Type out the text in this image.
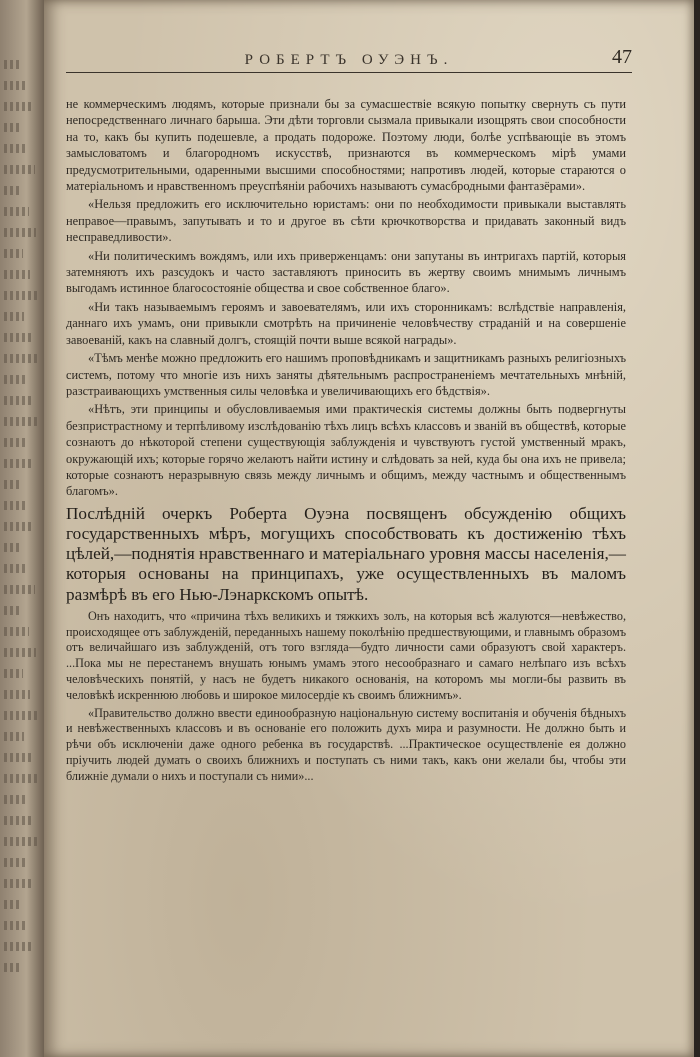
РОБЕРТЪ ОУЭНЪ.	47

не коммерческимъ людямъ, которые признали бы за сумасшествіе всякую попытку свернуть съ пути непосредственнаго личнаго барыша. Эти дѣти торговли сызмала привыкали изощрять свои способности на то, какъ бы купить подешевле, а продать подороже. Поэтому люди, болѣе успѣвающіе въ этомъ замысловатомъ и благородномъ искусствѣ, признаются въ коммерческомъ мірѣ умами предусмотрительными, одаренными высшими способностями; напротивъ людей, которые стараются о матеріальномъ и нравственномъ преуспѣяніи рабочихъ называютъ сумасбродными фантазёрами».

«Нельзя предложить его исключительно юристамъ: они по необходимости привыкали выставлять неправое—правымъ, запутывать и то и другое въ сѣти крючкотворства и придавать законный видъ несправедливости».

«Ни политическимъ вождямъ, или ихъ приверженцамъ: они запутаны въ интригахъ партій, которыя затемняютъ ихъ разсудокъ и часто заставляютъ приносить въ жертву своимъ мнимымъ личнымъ выгодамъ истинное благосостояніе общества и свое собственное благо».

«Ни такъ называемымъ героямъ и завоевателямъ, или ихъ сторонникамъ: вслѣдствіе направленія, даннаго ихъ умамъ, они привыкли смотрѣть на причиненіе человѣчеству страданій и на совершеніе завоеваній, какъ на славный долгъ, стоящій почти выше всякой награды».

«Тѣмъ менѣе можно предложить его нашимъ проповѣдникамъ и защитникамъ разныхъ религіозныхъ системъ, потому что многіе изъ нихъ заняты дѣятельнымъ распространеніемъ мечтательныхъ мнѣній, разстраивающихъ умственныя силы человѣка и увеличивающихъ его бѣдствія».

«Нѣтъ, эти принципы и обусловливаемыя ими практическія системы должны быть подвергнуты безпристрастному и терпѣливому изслѣдованію тѣхъ лицъ всѣхъ классовъ и званій въ обществѣ, которые сознаютъ до нѣкоторой степени существующія заблужденія и чувствуютъ густой умственный мракъ, окружающій ихъ; которые горячо желаютъ найти истину и слѣдовать за ней, куда бы она ихъ не привела; которые сознаютъ неразрывную связь между личнымъ и общимъ, между частнымъ и общественнымъ благомъ».

Послѣдній очеркъ Роберта Оуэна посвященъ обсужденію общихъ государственныхъ мѣръ, могущихъ способствовать къ достиженію тѣхъ цѣлей,—поднятія нравственнаго и матеріальнаго уровня массы населенія,—которыя основаны на принципахъ, уже осуществленныхъ въ маломъ размѣрѣ въ его Нью-Лэнаркскомъ опытѣ.

Онъ находитъ, что «причина тѣхъ великихъ и тяжкихъ золъ, на которыя всѣ жалуются—невѣжество, происходящее отъ заблужденій, переданныхъ нашему поколѣнію предшествующими, и главнымъ образомъ отъ величайшаго изъ заблужденій, отъ того взгляда—будто личности сами образуютъ свой характеръ. ...Пока мы не перестанемъ внушать юнымъ умамъ этого несообразнаго и самаго нелѣпаго изъ всѣхъ человѣческихъ понятій, у насъ не будетъ никакого основанія, на которомъ мы могли-бы развить въ человѣкѣ искреннюю любовь и широкое милосердіе къ своимъ ближнимъ».

«Правительство должно ввести единообразную національную систему воспитанія и обученія бѣдныхъ и невѣжественныхъ классовъ и въ основаніе его положить духъ мира и разумности. Не должно быть и рѣчи объ исключеніи даже одного ребенка въ государствѣ. ...Практическое осуществленіе ея должно пріучить людей думать о своихъ ближнихъ и поступать съ ними такъ, какъ они желали бы, чтобы эти ближніе думали о нихъ и поступали съ ними»...
